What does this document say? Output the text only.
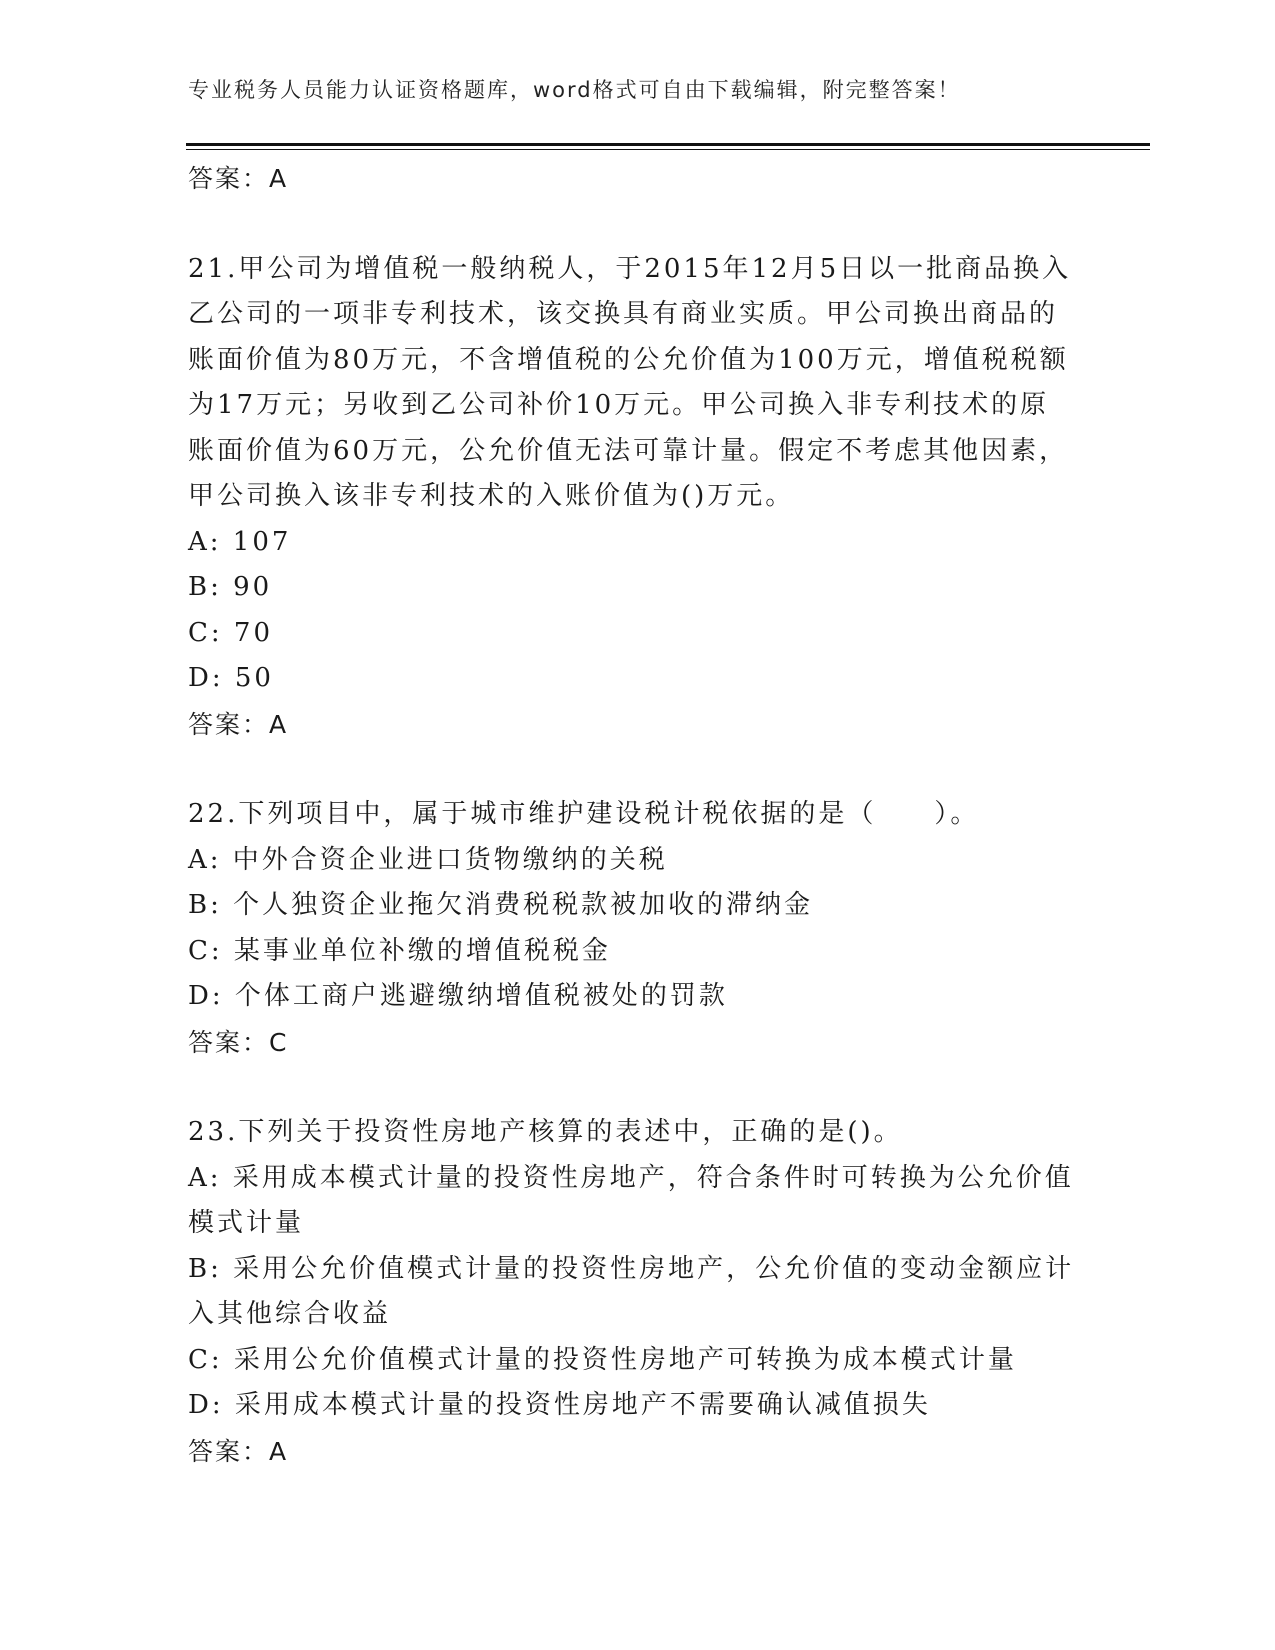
专业税务人员能力认证资格题库，word格式可自由下载编辑，附完整答案！
答案：A
21.甲公司为增值税一般纳税人，于2015年12月5日以一批商品换入
乙公司的一项非专利技术，该交换具有商业实质。甲公司换出商品的
账面价值为80万元，不含增值税的公允价值为100万元，增值税税额
为17万元；另收到乙公司补价10万元。甲公司换入非专利技术的原
账面价值为60万元，公允价值无法可靠计量。假定不考虑其他因素，
甲公司换入该非专利技术的入账价值为()万元。
A: 107
B: 90
C: 70
D: 50
答案：A
22.下列项目中，属于城市维护建设税计税依据的是（　　）。
A: 中外合资企业进口货物缴纳的关税
B: 个人独资企业拖欠消费税税款被加收的滞纳金
C: 某事业单位补缴的增值税税金
D: 个体工商户逃避缴纳增值税被处的罚款
答案：C
23.下列关于投资性房地产核算的表述中，正确的是()。
A: 采用成本模式计量的投资性房地产，符合条件时可转换为公允价值
模式计量
B: 采用公允价值模式计量的投资性房地产，公允价值的变动金额应计
入其他综合收益
C: 采用公允价值模式计量的投资性房地产可转换为成本模式计量
D: 采用成本模式计量的投资性房地产不需要确认减值损失
答案：A
